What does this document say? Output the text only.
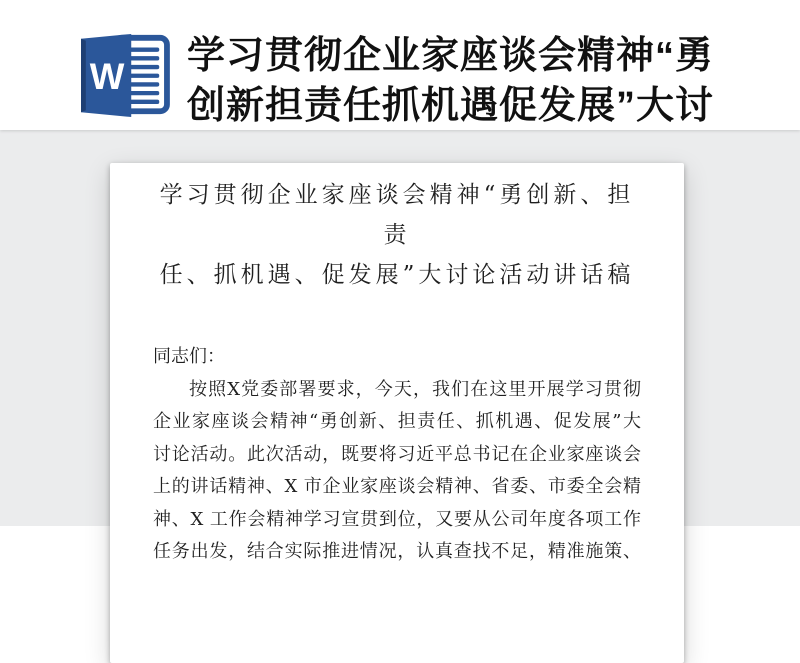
W 学习贯彻企业家座谈会精神“勇
创新担责任抓机遇促发展”大讨
学习贯彻企业家座谈会精神“勇创新、担责
任、抓机遇、促发展”大讨论活动讲话稿

同志们：

按照X党委部署要求，今天，我们在这里开展学习贯彻
企业家座谈会精神“勇创新、担责任、抓机遇、促发展”大
讨论活动。此次活动，既要将习近平总书记在企业家座谈会
上的讲话精神、X 市企业家座谈会精神、省委、市委全会精
神、X 工作会精神学习宣贯到位，又要从公司年度各项工作
任务出发，结合实际推进情况，认真查找不足，精准施策、
